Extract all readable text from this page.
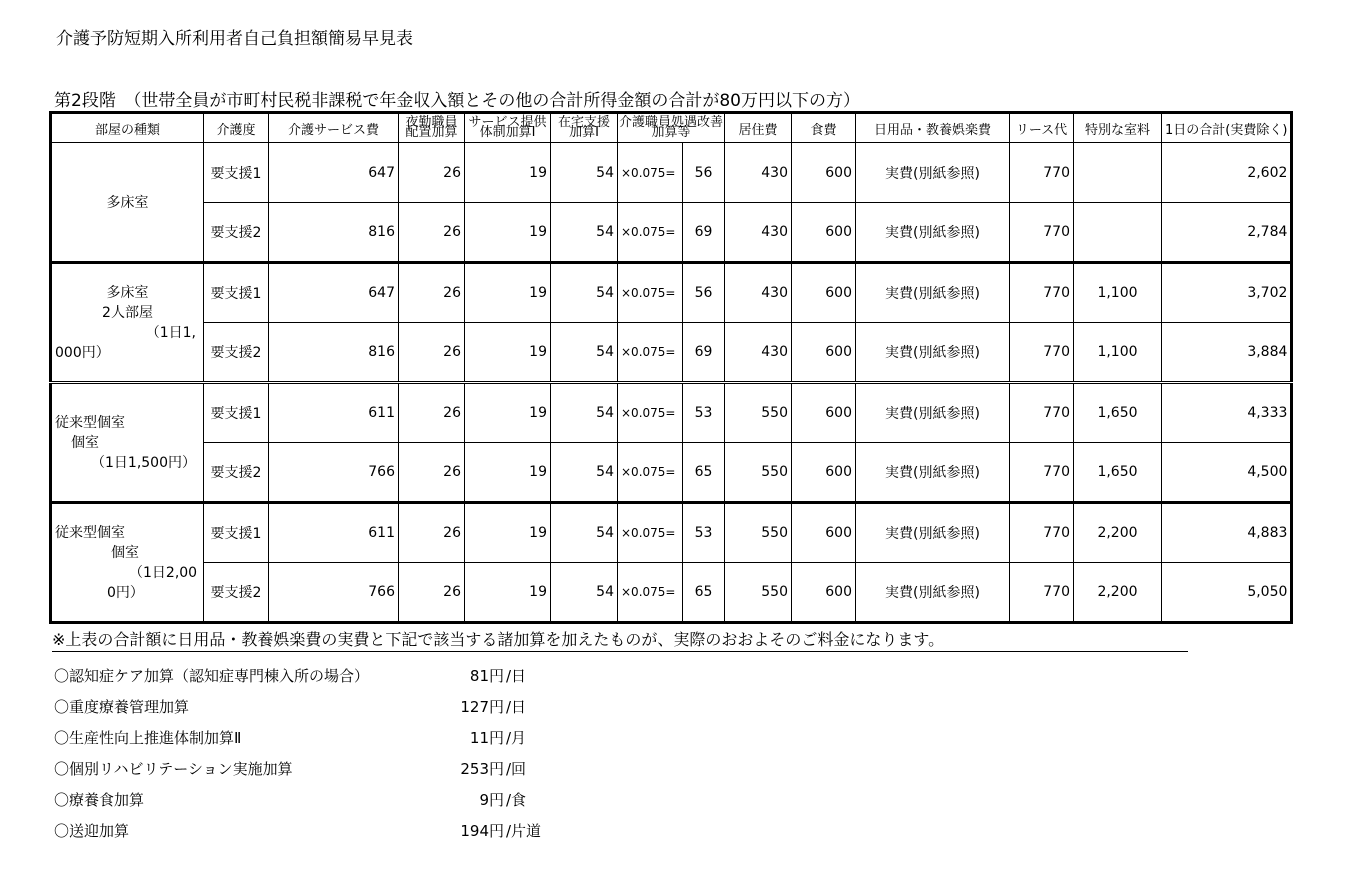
介護予防短期入所利用者自己負担額簡易早見表
第2段階　（世帯全員が市町村民税非課税で年金収入額とその他の合計所得金額の合計が80万円以下の方）
部屋の種類	介護度	介護サービス費	夜勤職員配置加算	サービス提供体制加算Ⅰ	在宅支援加算Ⅰ	介護職員処遇改善加算等		居住費	食費	日用品・教養娯楽費	リース代	特別な室料	1日の合計(実費除く)

多床室	要支援1	647	26	19	54	×0.075=	56	430	600	実費(別紙参照)	770		2,602
	要支援2	816	26	19	54	×0.075=	69	430	600	実費(別紙参照)	770		2,784

多床室
2人部屋
（1日1,
000円）	要支援1	647	26	19	54	×0.075=	56	430	600	実費(別紙参照)	770	1,100	3,702
	要支援2	816	26	19	54	×0.075=	69	430	600	実費(別紙参照)	770	1,100	3,884

従来型個室
個室
（1日1,500円）	要支援1	611	26	19	54	×0.075=	53	550	600	実費(別紙参照)	770	1,650	4,333
	要支援2	766	26	19	54	×0.075=	65	550	600	実費(別紙参照)	770	1,650	4,500

従来型個室
個室
（1日2,00
0円）	要支援1	611	26	19	54	×0.075=	53	550	600	実費(別紙参照)	770	2,200	4,883
	要支援2	766	26	19	54	×0.075=	65	550	600	実費(別紙参照)	770	2,200	5,050
※上表の合計額に日用品・教養娯楽費の実費と下記で該当する諸加算を加えたものが、実際のおおよそのご料金になります。
〇認知症ケア加算（認知症専門棟入所の場合）	81円 /日
〇重度療養管理加算	127円 /日
〇生産性向上推進体制加算Ⅱ	11円 /月
〇個別リハビリテーション実施加算	253円 /回
〇療養食加算	9円 /食
〇送迎加算	194円 /片道
